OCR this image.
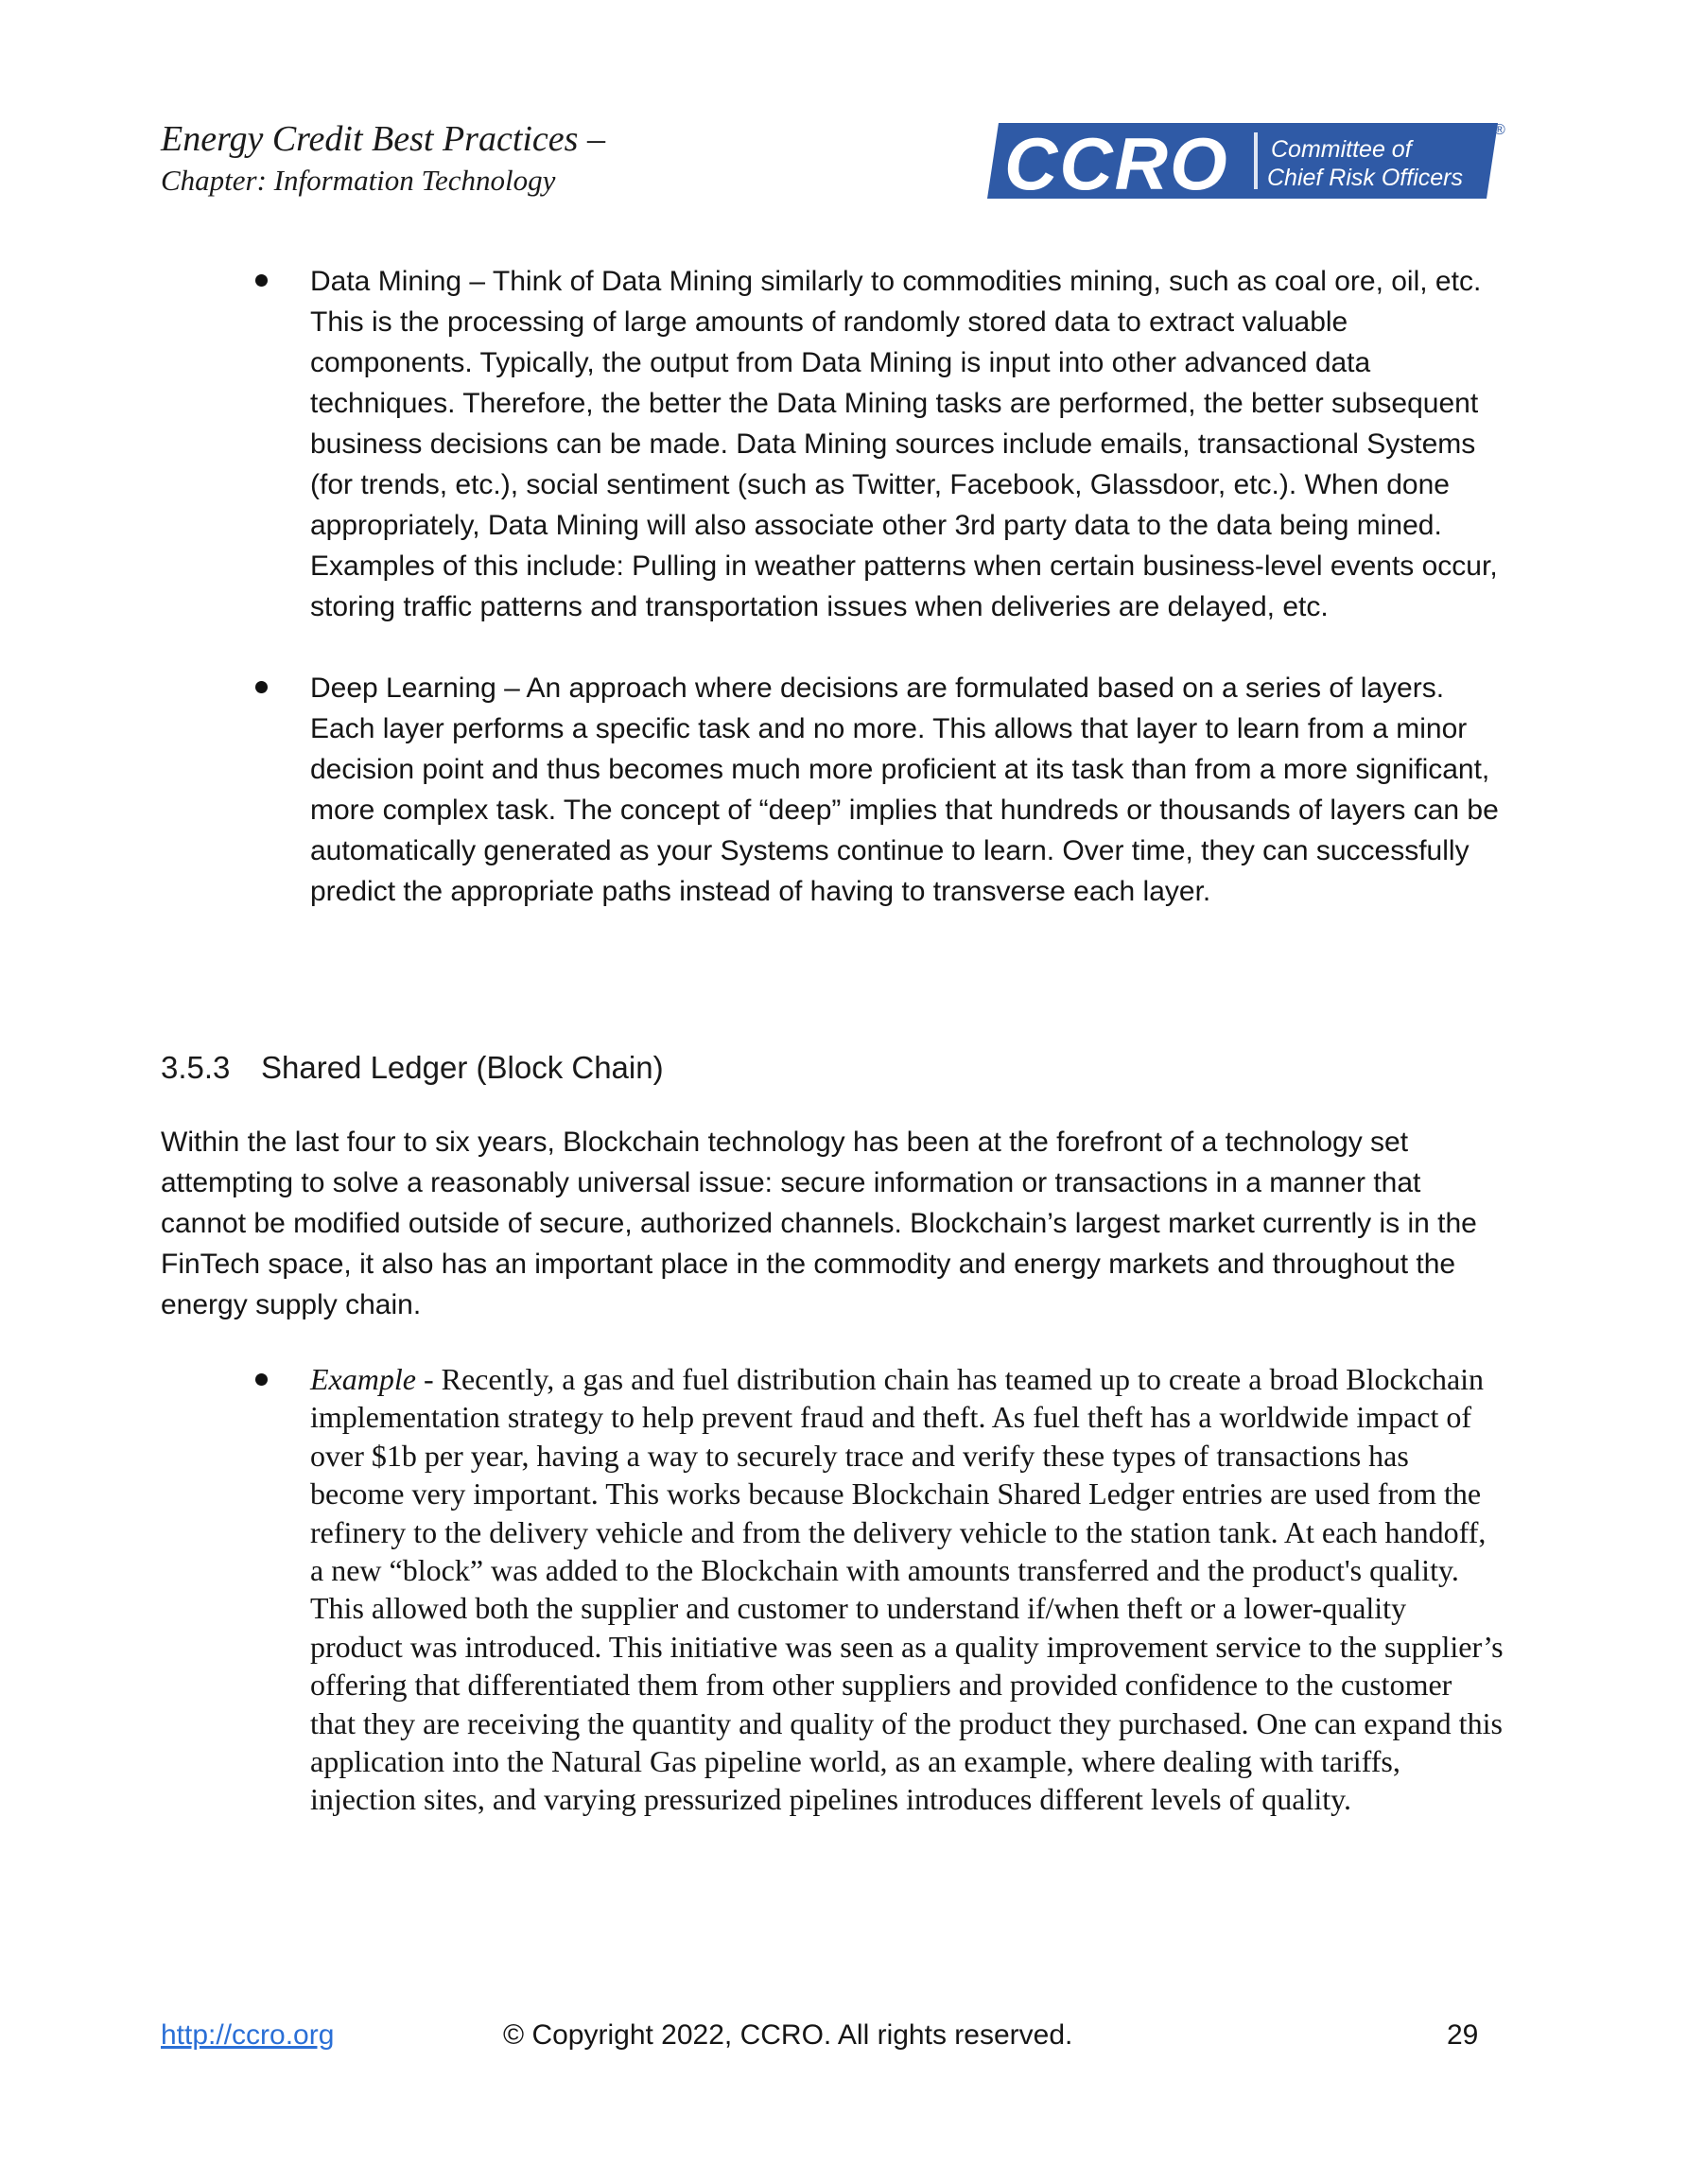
Energy Credit Best Practices –
Chapter: Information Technology	CCRO Committee of
Chief Risk Officers
®
Data Mining – Think of Data Mining similarly to commodities mining, such as coal ore, oil, etc. This is the processing of large amounts of randomly stored data to extract valuable components. Typically, the output from Data Mining is input into other advanced data techniques. Therefore, the better the Data Mining tasks are performed, the better subsequent business decisions can be made. Data Mining sources include emails, transactional Systems (for trends, etc.), social sentiment (such as Twitter, Facebook, Glassdoor, etc.). When done appropriately, Data Mining will also associate other 3rd party data to the data being mined. Examples of this include: Pulling in weather patterns when certain business-level events occur, storing traffic patterns and transportation issues when deliveries are delayed, etc.
Deep Learning – An approach where decisions are formulated based on a series of layers. Each layer performs a specific task and no more. This allows that layer to learn from a minor decision point and thus becomes much more proficient at its task than from a more significant, more complex task. The concept of “deep” implies that hundreds or thousands of layers can be automatically generated as your Systems continue to learn. Over time, they can successfully predict the appropriate paths instead of having to transverse each layer.
3.5.3 Shared Ledger (Block Chain)
Within the last four to six years, Blockchain technology has been at the forefront of a technology set attempting to solve a reasonably universal issue: secure information or transactions in a manner that cannot be modified outside of secure, authorized channels. Blockchain’s largest market currently is in the FinTech space, it also has an important place in the commodity and energy markets and throughout the energy supply chain.
Example - Recently, a gas and fuel distribution chain has teamed up to create a broad Blockchain implementation strategy to help prevent fraud and theft. As fuel theft has a worldwide impact of over $1b per year, having a way to securely trace and verify these types of transactions has become very important. This works because Blockchain Shared Ledger entries are used from the refinery to the delivery vehicle and from the delivery vehicle to the station tank. At each handoff, a new “block” was added to the Blockchain with amounts transferred and the product's quality. This allowed both the supplier and customer to understand if/when theft or a lower-quality product was introduced. This initiative was seen as a quality improvement service to the supplier’s offering that differentiated them from other suppliers and provided confidence to the customer that they are receiving the quantity and quality of the product they purchased. One can expand this application into the Natural Gas pipeline world, as an example, where dealing with tariffs, injection sites, and varying pressurized pipelines introduces different levels of quality.
http://ccro.org	© Copyright 2022, CCRO. All rights reserved.	29
